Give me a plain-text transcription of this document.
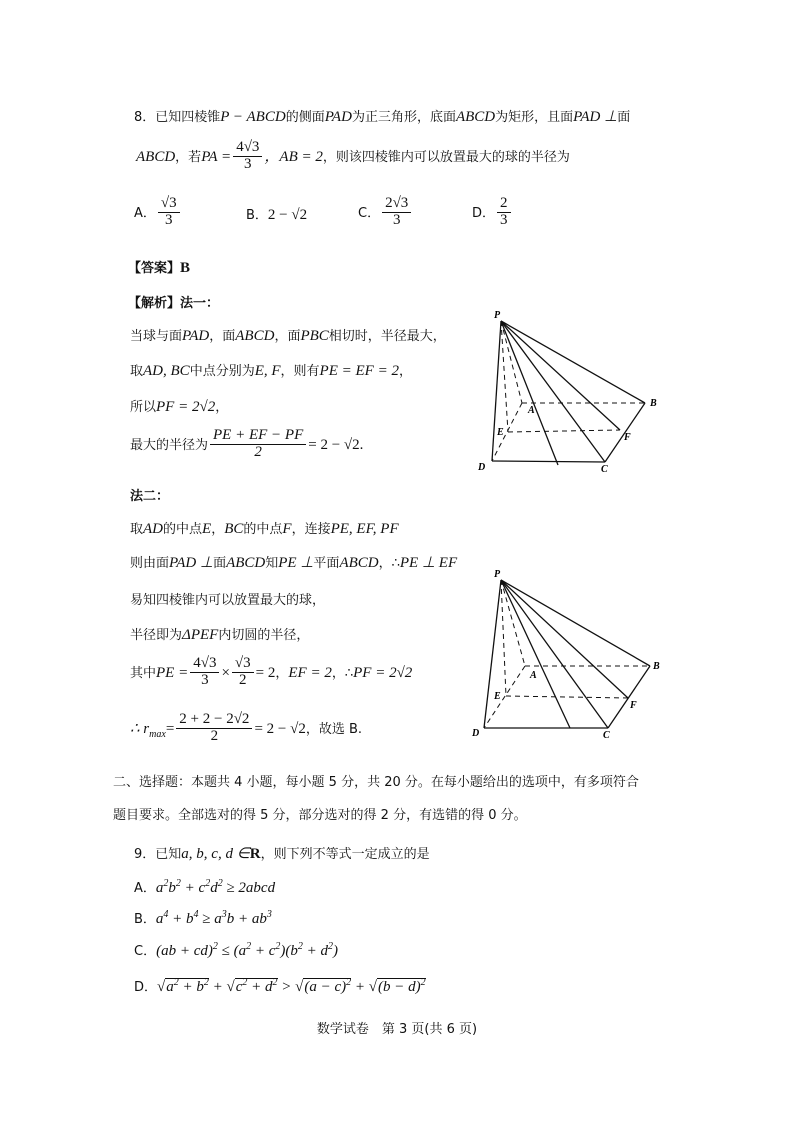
8．已知四棱锥P − ABCD的侧面PAD为正三角形，底面ABCD为矩形，且面PAD ⊥面
ABCD，若PA = $\frac{4√3}{3}$ ，AB = 2，则该四棱锥内可以放置最大的球的半径为
A． $\frac{√3}{3}$	B．2 − √2	C． $\frac{2√3}{3}$	D． $\frac{2}{3}$
【答案】B
【解析】法一：
当球与面PAD，面ABCD，面PBC相切时，半径最大，
取AD, BC中点分别为E, F，则有PE = EF = 2，
所以PF = 2√2，
最大的半径为 $\frac{PE + EF - PF}{2} = 2 - √2$.
P
A
B
C
D
E	F
法二：
取AD的中点E，BC的中点F，连接PE, EF, PF
则由面PAD ⊥面ABCD知PE ⊥平面ABCD，∴PE ⊥ EF
易知四棱锥内可以放置最大的球，
半径即为ΔPEF内切圆的半径，
其中PE = $\frac{4√3}{3} \times \frac{√3}{2} = 2$，EF = 2，∴PF = 2√2
∴ $r_{max}= \frac{2 + 2 - 2√2}{2} = 2 - √2$，故选 B.
P
A
B
C
D
E
F
二、选择题：本题共 4 小题，每小题 5 分，共 20 分。在每小题给出的选项中，有多项符合
题目要求。全部选对的得 5 分，部分选对的得 2 分，有选错的得 0 分。
9．已知a, b, c, d ∈R，则下列不等式一定成立的是
A．$a^2b^2 + c^2d^2$ ≥ 2abcd
B．$a^4 + b^4 \ge a^3b + ab^3$
C．$(ab + cd)^2 \le (a^2 + c^2)(b^2 + d^2)$
D．$√a^2 + b^2 + √c^2 + d^2 > √(a - c)^2 + √(b - d)^2$
数学试卷　第 3 页(共 6 页)
